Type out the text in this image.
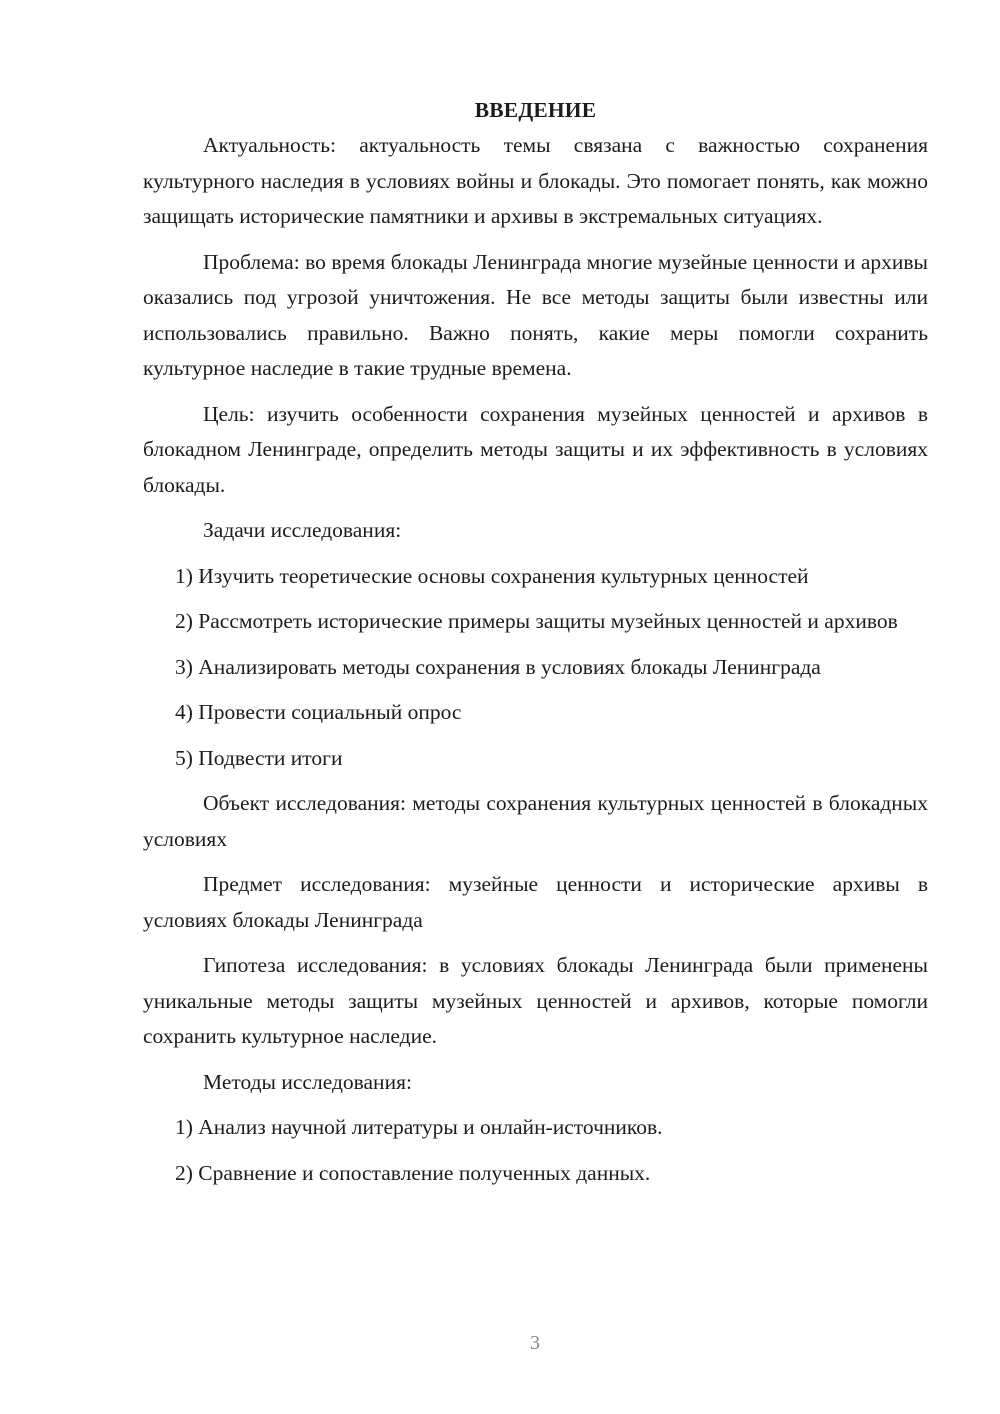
ВВЕДЕНИЕ

Актуальность: актуальность темы связана с важностью сохранения культурного наследия в условиях войны и блокады. Это помогает понять, как можно защищать исторические памятники и архивы в экстремальных ситуациях.

Проблема: во время блокады Ленинграда многие музейные ценности и архивы оказались под угрозой уничтожения. Не все методы защиты были известны или использовались правильно. Важно понять, какие меры помогли сохранить культурное наследие в такие трудные времена.

Цель: изучить особенности сохранения музейных ценностей и архивов в блокадном Ленинграде, определить методы защиты и их эффективность в условиях блокады.

Задачи исследования:

1) Изучить теоретические основы сохранения культурных ценностей

2) Рассмотреть исторические примеры защиты музейных ценностей и архивов

3) Анализировать методы сохранения в условиях блокады Ленинграда

4) Провести социальный опрос

5) Подвести итоги

Объект исследования: методы сохранения культурных ценностей в блокадных условиях

Предмет исследования: музейные ценности и исторические архивы в условиях блокады Ленинграда

Гипотеза исследования: в условиях блокады Ленинграда были применены уникальные методы защиты музейных ценностей и архивов, которые помогли сохранить культурное наследие.

Методы исследования:

1) Анализ научной литературы и онлайн-источников.

2) Сравнение и сопоставление полученных данных.

3
